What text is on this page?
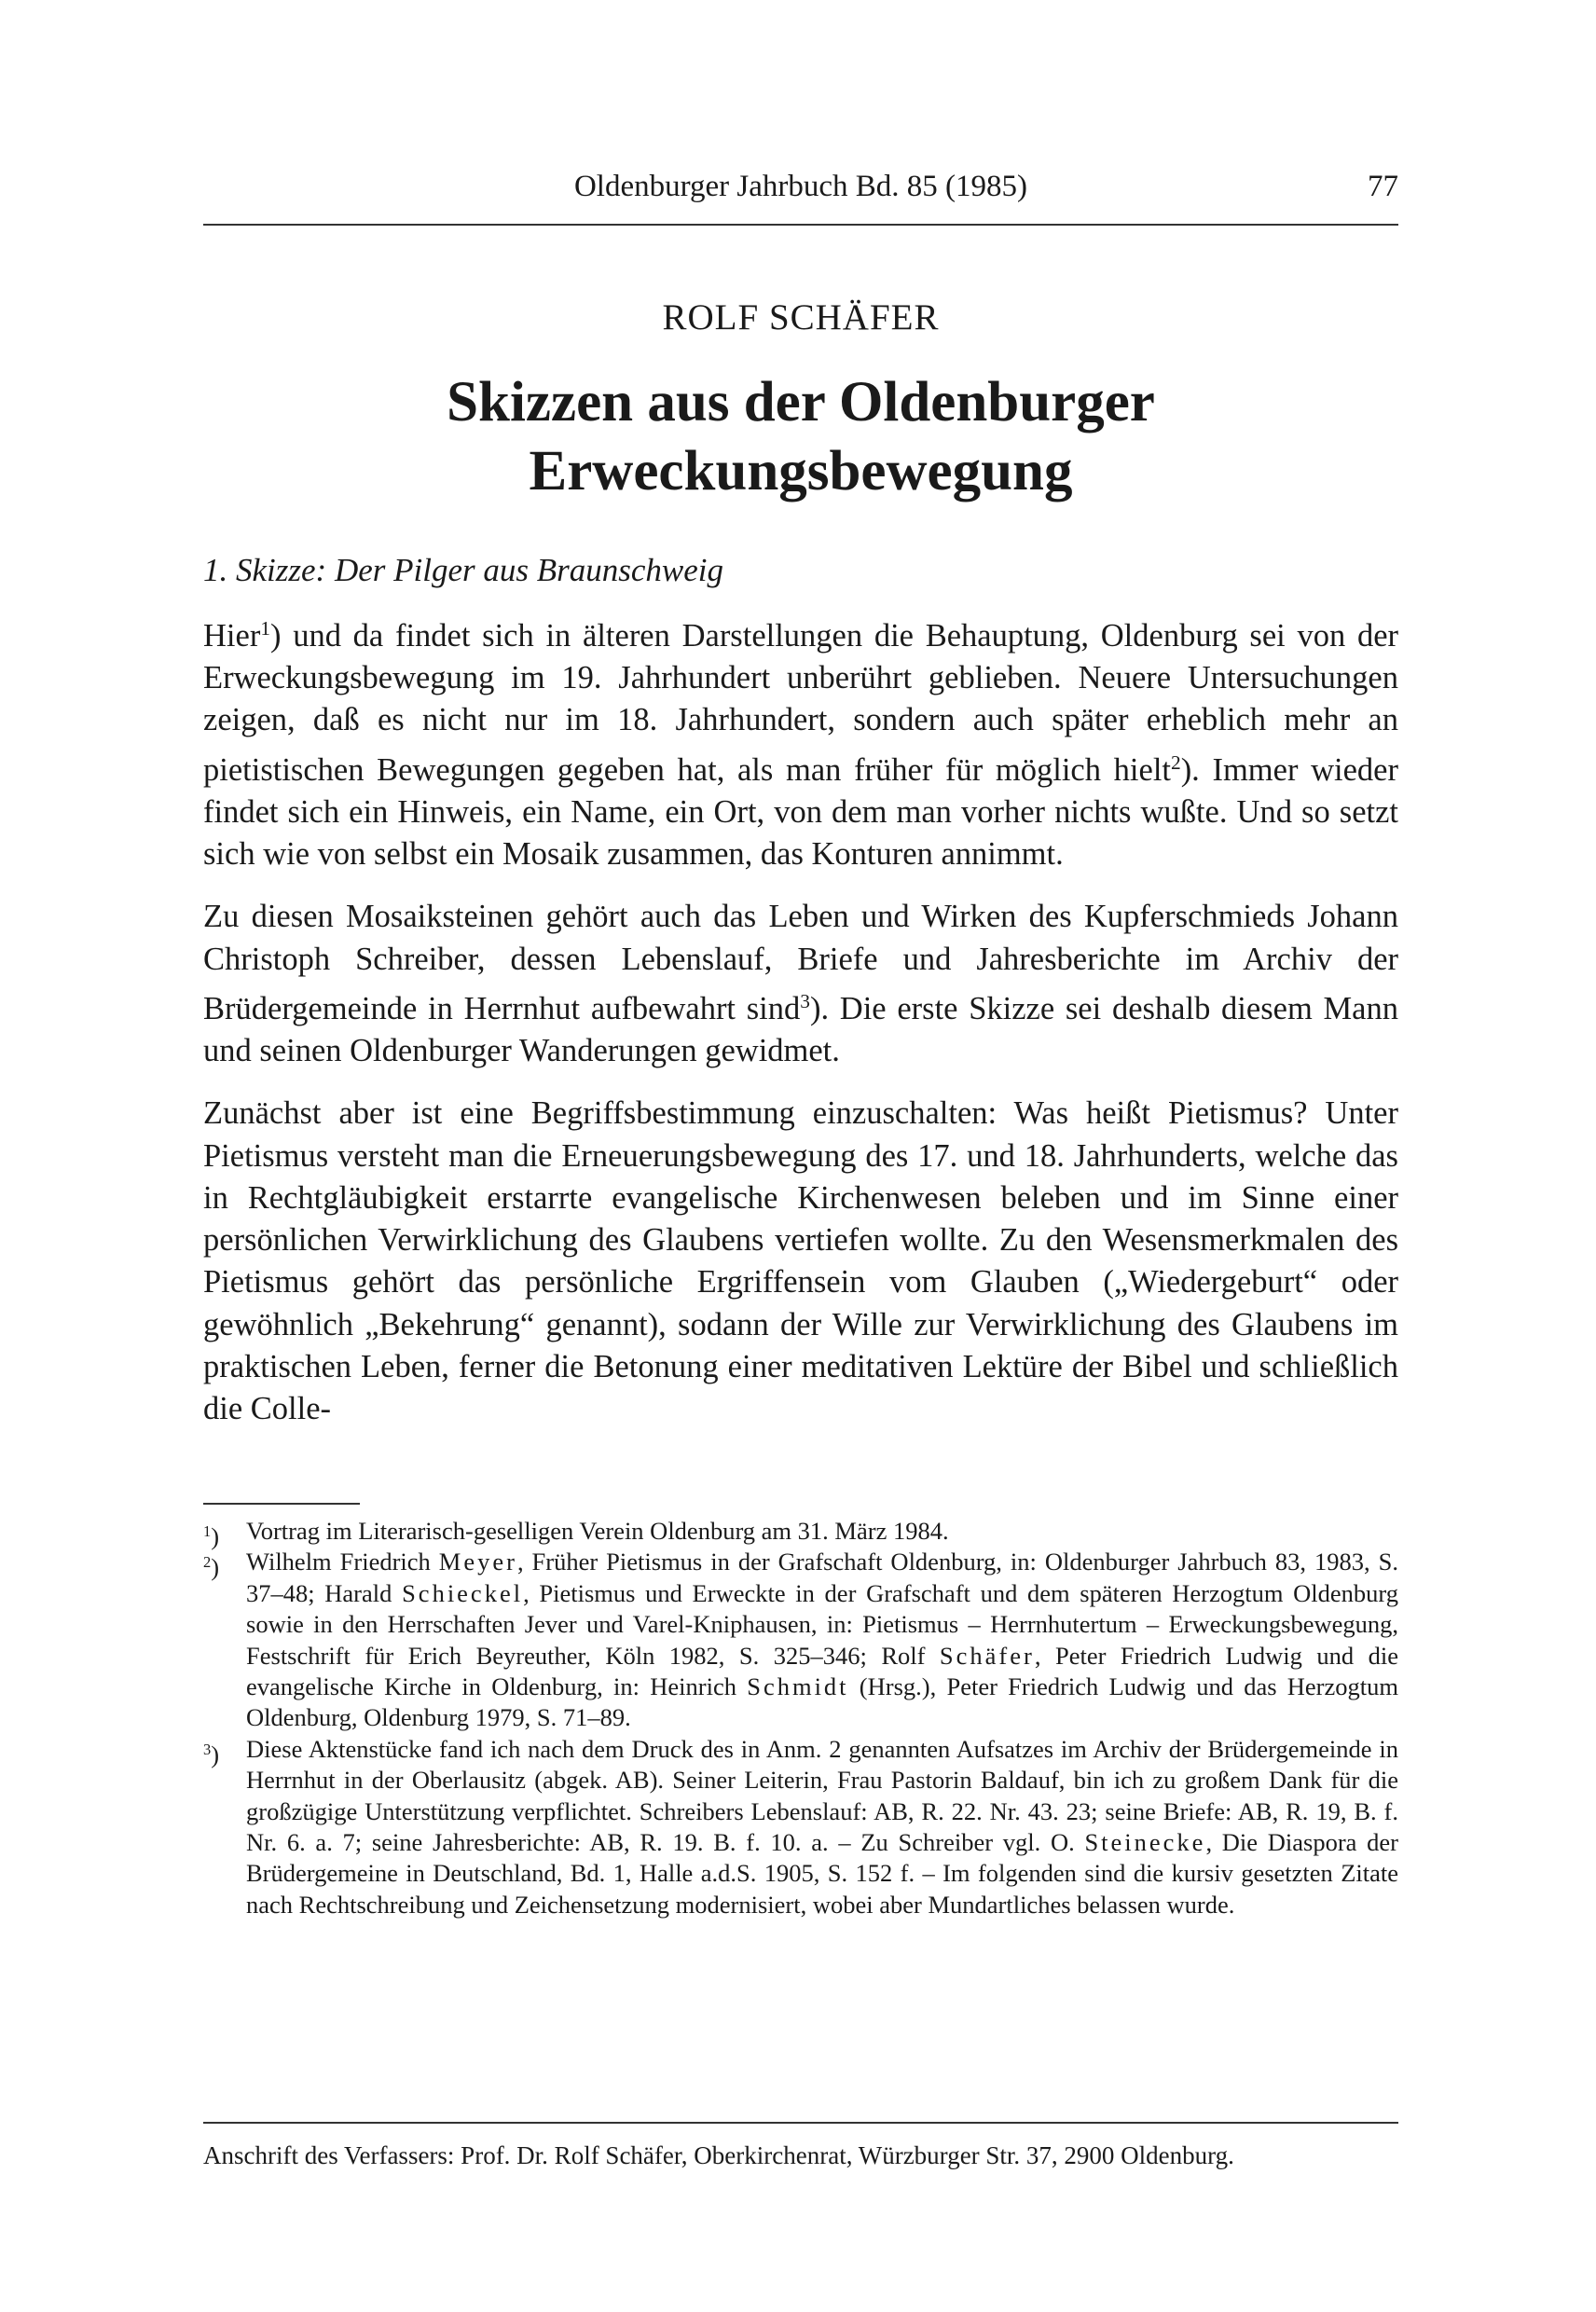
Oldenburger Jahrbuch Bd. 85 (1985)	77
ROLF SCHÄFER
Skizzen aus der Oldenburger
Erweckungsbewegung
1. Skizze: Der Pilger aus Braunschweig

Hier$^1$) und da findet sich in älteren Darstellungen die Behauptung, Oldenburg sei von der Erweckungsbewegung im 19. Jahrhundert unberührt geblieben. Neuere Untersuchungen zeigen, daß es nicht nur im 18. Jahrhundert, sondern auch später erheblich mehr an pietistischen Bewegungen gegeben hat, als man früher für möglich hielt$^2$). Immer wieder findet sich ein Hinweis, ein Name, ein Ort, von dem man vorher nichts wußte. Und so setzt sich wie von selbst ein Mosaik zusammen, das Konturen annimmt.

Zu diesen Mosaiksteinen gehört auch das Leben und Wirken des Kupferschmieds Johann Christoph Schreiber, dessen Lebenslauf, Briefe und Jahresberichte im Archiv der Brüdergemeinde in Herrnhut aufbewahrt sind$^3$). Die erste Skizze sei deshalb diesem Mann und seinen Oldenburger Wanderungen gewidmet.

Zunächst aber ist eine Begriffsbestimmung einzuschalten: Was heißt Pietismus? Unter Pietismus versteht man die Erneuerungsbewegung des 17. und 18. Jahrhunderts, welche das in Rechtgläubigkeit erstarrte evangelische Kirchenwesen beleben und im Sinne einer persönlichen Verwirklichung des Glaubens vertiefen wollte. Zu den Wesensmerkmalen des Pietismus gehört das persönliche Ergriffensein vom Glauben („Wiedergeburt“ oder gewöhnlich „Bekehrung“ genannt), sodann der Wille zur Verwirklichung des Glaubens im praktischen Leben, ferner die Betonung einer meditativen Lektüre der Bibel und schließlich die Colle-

$^1$) Vortrag im Literarisch-geselligen Verein Oldenburg am 31. März 1984.

$^2$) Wilhelm Friedrich Meyer, Früher Pietismus in der Grafschaft Oldenburg, in: Oldenburger Jahrbuch 83, 1983, S. 37–48; Harald Schieckel, Pietismus und Erweckte in der Grafschaft und dem späteren Herzogtum Oldenburg sowie in den Herrschaften Jever und Varel-Kniphausen, in: Pietismus – Herrnhutertum – Erweckungsbewegung, Festschrift für Erich Beyreuther, Köln 1982, S. 325–346; Rolf Schäfer, Peter Friedrich Ludwig und die evangelische Kirche in Oldenburg, in: Heinrich Schmidt (Hrsg.), Peter Friedrich Ludwig und das Herzogtum Oldenburg, Oldenburg 1979, S. 71–89.

$^3$) Diese Aktenstücke fand ich nach dem Druck des in Anm. 2 genannten Aufsatzes im Archiv der Brüdergemeinde in Herrnhut in der Oberlausitz (abgek. AB). Seiner Leiterin, Frau Pastorin Baldauf, bin ich zu großem Dank für die großzügige Unterstützung verpflichtet. Schreibers Lebenslauf: AB, R. 22. Nr. 43. 23; seine Briefe: AB, R. 19, B. f. Nr. 6. a. 7; seine Jahresberichte: AB, R. 19. B. f. 10. a. – Zu Schreiber vgl. O. Steinecke, Die Diaspora der Brüdergemeine in Deutschland, Bd. 1, Halle a.d.S. 1905, S. 152 f. – Im folgenden sind die kursiv gesetzten Zitate nach Rechtschreibung und Zeichensetzung modernisiert, wobei aber Mundartliches belassen wurde.

Anschrift des Verfassers: Prof. Dr. Rolf Schäfer, Oberkirchenrat, Würzburger Str. 37, 2900 Oldenburg.
